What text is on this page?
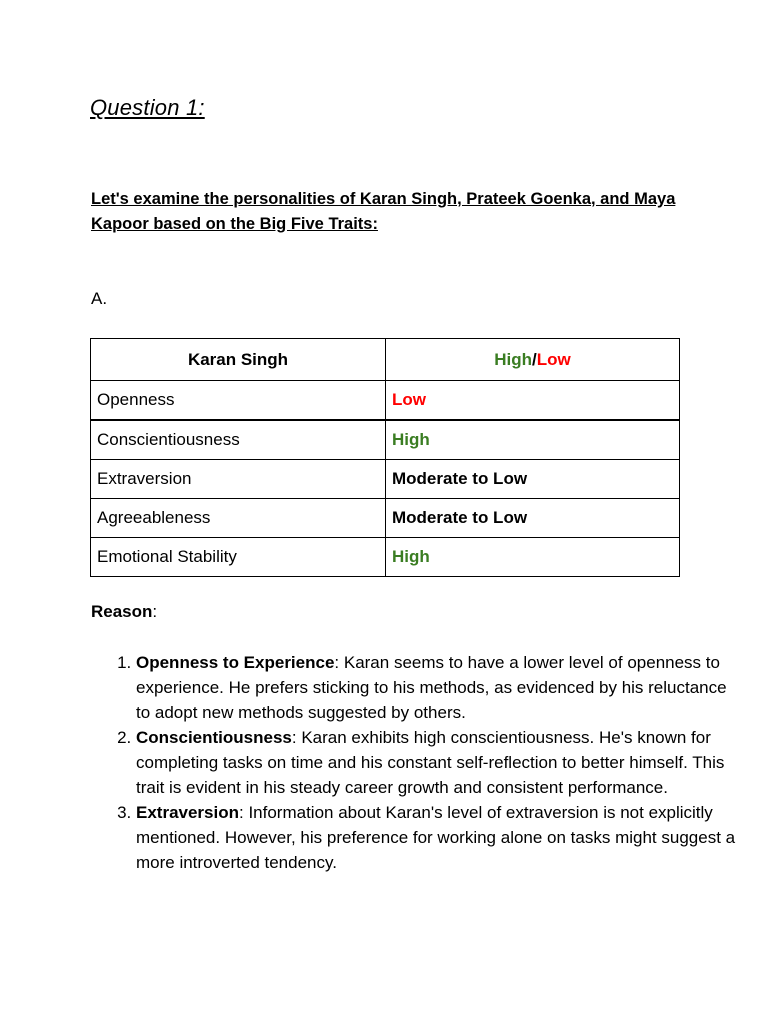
Question 1:

Let's examine the personalities of Karan Singh, Prateek Goenka, and Maya Kapoor based on the Big Five Traits:

A.

Karan Singh	High/Low
Openness	Low
Conscientiousness	High
Extraversion	Moderate to Low
Agreeableness	Moderate to Low
Emotional Stability	High

Reason:

1. Openness to Experience: Karan seems to have a lower level of openness to experience. He prefers sticking to his methods, as evidenced by his reluctance to adopt new methods suggested by others.
2. Conscientiousness: Karan exhibits high conscientiousness. He's known for completing tasks on time and his constant self-reflection to better himself. This trait is evident in his steady career growth and consistent performance.
3. Extraversion: Information about Karan's level of extraversion is not explicitly mentioned. However, his preference for working alone on tasks might suggest a more introverted tendency.
